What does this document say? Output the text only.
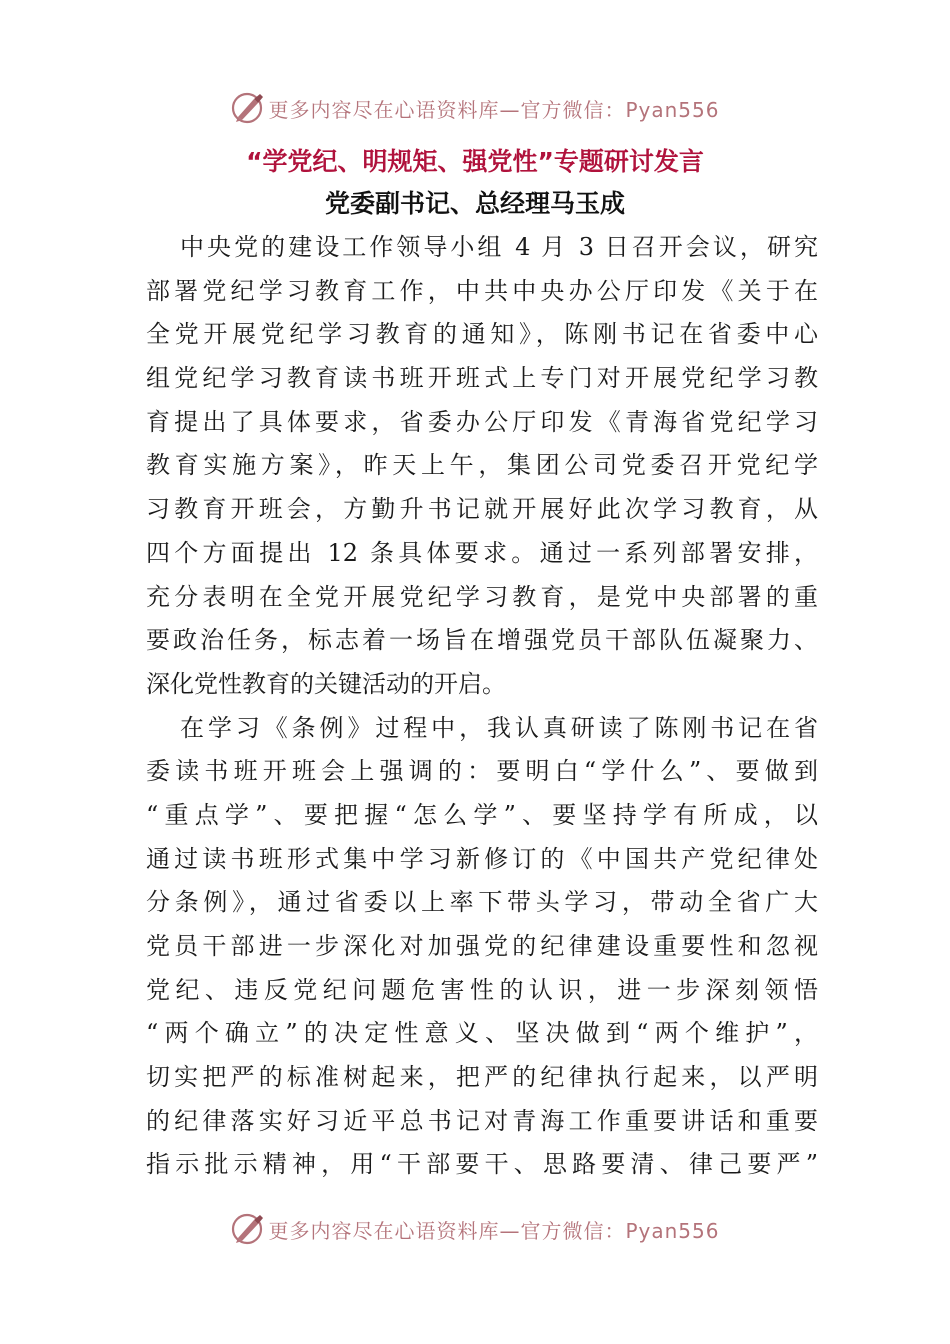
更多内容尽在心语资料库—官方微信：Pyan556
“学党纪、明规矩、强党性”专题研讨发言
党委副书记、总经理马玉成
中央党的建设工作领导小组 4 月 3 日召开会议，研究
部署党纪学习教育工作，中共中央办公厅印发《关于在
全党开展党纪学习教育的通知》，陈刚书记在省委中心
组党纪学习教育读书班开班式上专门对开展党纪学习教
育提出了具体要求，省委办公厅印发《青海省党纪学习
教育实施方案》，昨天上午，集团公司党委召开党纪学
习教育开班会，方勤升书记就开展好此次学习教育，从
四个方面提出 12 条具体要求。通过一系列部署安排，
充分表明在全党开展党纪学习教育，是党中央部署的重
要政治任务，标志着一场旨在增强党员干部队伍凝聚力、
深化党性教育的关键活动的开启。
在学习《条例》过程中，我认真研读了陈刚书记在省
委读书班开班会上强调的：要明白“学什么”、要做到
“重点学”、要把握“怎么学”、要坚持学有所成，以
通过读书班形式集中学习新修订的《中国共产党纪律处
分条例》，通过省委以上率下带头学习，带动全省广大
党员干部进一步深化对加强党的纪律建设重要性和忽视
党纪、违反党纪问题危害性的认识，进一步深刻领悟
“两个确立”的决定性意义、坚决做到“两个维护”，
切实把严的标准树起来，把严的纪律执行起来，以严明
的纪律落实好习近平总书记对青海工作重要讲话和重要
指示批示精神，用“干部要干、思路要清、律己要严”
更多内容尽在心语资料库—官方微信：Pyan556
